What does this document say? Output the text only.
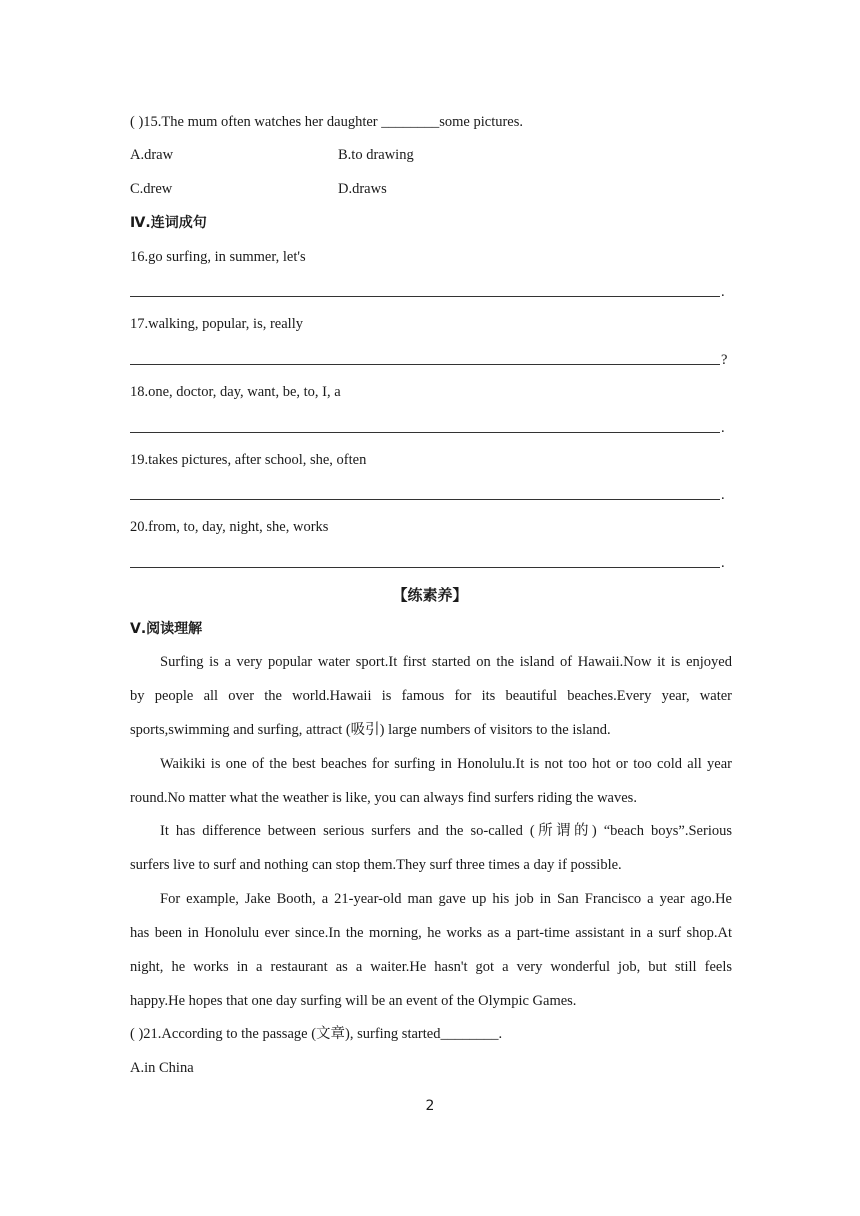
( )15.The mum often watches her daughter ________some pictures.
A.draw	B.to drawing
C.drew	D.draws
Ⅳ.连词成句
16.go surfing, in summer, let's
.
17.walking, popular, is, really
?
18.one, doctor, day, want, be, to, I, a
.
19.takes pictures, after school, she, often
.
20.from, to, day, night, she, works
.
【练素养】
Ⅴ.阅读理解
Surfing is a very popular water sport.It first started on the island of Hawaii.Now it is enjoyed
by people all over the world.Hawaii is famous for its beautiful beaches.Every year, water
sports,swimming and surfing, attract (吸引) large numbers of visitors to the island.
Waikiki is one of the best beaches for surfing in Honolulu.It is not too hot or too cold all year
round.No matter what the weather is like, you can always find surfers riding the waves.
It has difference between serious surfers and the so-called (所谓的) “beach boys”.Serious
surfers live to surf and nothing can stop them.They surf three times a day if possible.
For example, Jake Booth, a 21-year-old man gave up his job in San Francisco a year ago.He
has been in Honolulu ever since.In the morning, he works as a part-time assistant in a surf shop.At
night, he works in a restaurant as a waiter.He hasn't got a very wonderful job, but still feels
happy.He hopes that one day surfing will be an event of the Olympic Games.
( )21.According to the passage (文章), surfing started________.
A.in China
2
